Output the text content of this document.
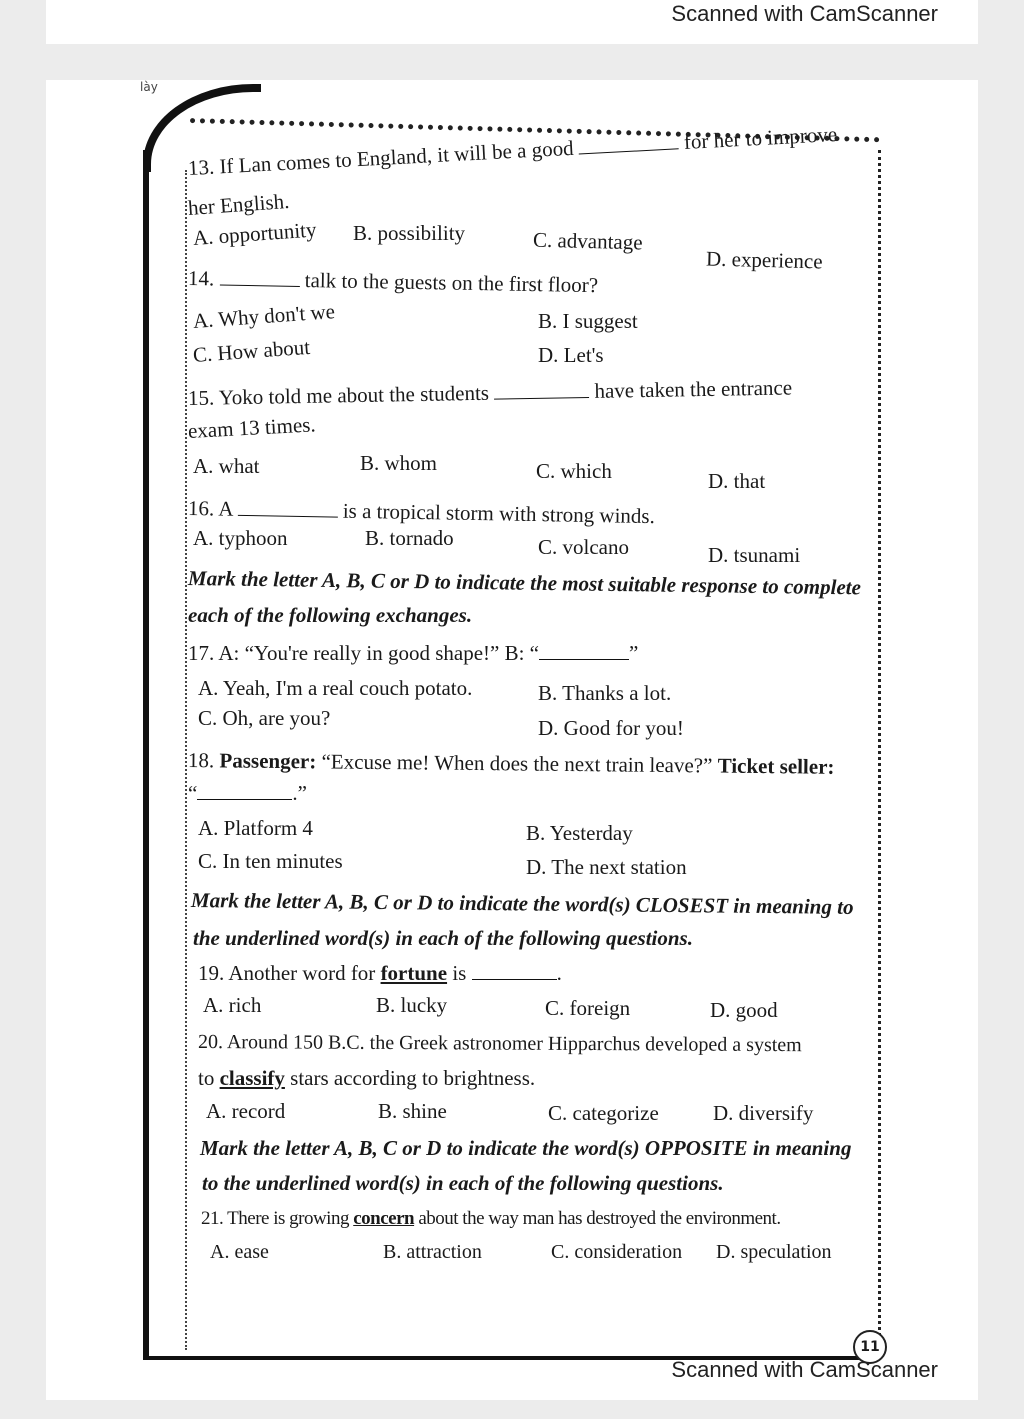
Scanned with CamScanner
lày
13. If Lan comes to England, it will be a good	for her to improve
her English.
A. opportunity B. possibility	C. advantage
D. experience
14.	talk to the guests on the first floor?
A. Why don't we	B. I suggest
C. How about	D. Let's
15. Yoko told me about the students	have taken the entrance
exam 13 times.
A. what	B. whom	C. which	D. that
16. A	is a tropical storm with strong winds.
A. typhoon	B. tornado	C. volcano	D. tsunami
Mark the letter A, B, C or D to indicate the most suitable response to complete
each of the following exchanges.
17. A: “You're really in good shape!” B: “	”
A. Yeah, I'm a real couch potato.	B. Thanks a lot.
C. Oh, are you?	D. Good for you!
18. Passenger: “Excuse me! When does the next train leave?” Ticket seller:
“	.”
A. Platform 4	B. Yesterday
C. In ten minutes	D. The next station
Mark the letter A, B, C or D to indicate the word(s) CLOSEST in meaning to
the underlined word(s) in each of the following questions.
19. Another word for fortune is	.
A. rich	B. lucky	C. foreign	D. good
20. Around 150 B.C. the Greek astronomer Hipparchus developed a system
to classify stars according to brightness.
A. record	B. shine	C. categorize	D. diversify
Mark the letter A, B, C or D to indicate the word(s) OPPOSITE in meaning
to the underlined word(s) in each of the following questions.
21. There is growing concern about the way man has destroyed the environment.
A. ease	B. attraction	C. consideration D. speculation
11
Scanned with CamScanner
